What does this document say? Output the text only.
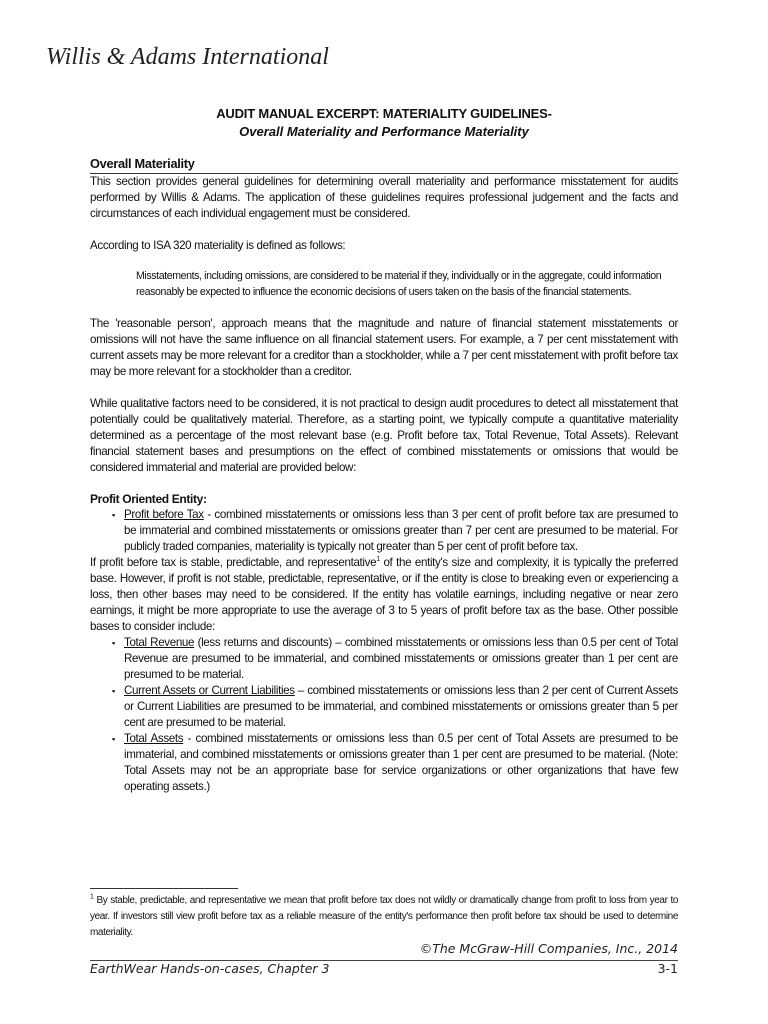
Willis & Adams International
AUDIT MANUAL EXCERPT: MATERIALITY GUIDELINES-
Overall Materiality and Performance Materiality
Overall Materiality

This section provides general guidelines for determining overall materiality and performance misstatement for audits performed by Willis & Adams. The application of these guidelines requires professional judgement and the facts and circumstances of each individual engagement must be considered.

According to ISA 320 materiality is defined as follows:

Misstatements, including omissions, are considered to be material if they, individually or in the aggregate, could information reasonably be expected to influence the economic decisions of users taken on the basis of the financial statements.

The 'reasonable person', approach means that the magnitude and nature of financial statement misstatements or omissions will not have the same influence on all financial statement users. For example, a 7 per cent misstatement with current assets may be more relevant for a creditor than a stockholder, while a 7 per cent misstatement with profit before tax may be more relevant for a stockholder than a creditor.

While qualitative factors need to be considered, it is not practical to design audit procedures to detect all misstatement that potentially could be qualitatively material. Therefore, as a starting point, we typically compute a quantitative materiality determined as a percentage of the most relevant base (e.g. Profit before tax, Total Revenue, Total Assets). Relevant financial statement bases and presumptions on the effect of combined misstatements or omissions that would be considered immaterial and material are provided below:

Profit Oriented Entity:
▪ Profit before Tax - combined misstatements or omissions less than 3 per cent of profit before tax are presumed to be immaterial and combined misstatements or omissions greater than 7 per cent are presumed to be material. For publicly traded companies, materiality is typically not greater than 5 per cent of profit before tax.

If profit before tax is stable, predictable, and representative$^1$ of the entity's size and complexity, it is typically the preferred base. However, if profit is not stable, predictable, representative, or if the entity is close to breaking even or experiencing a loss, then other bases may need to be considered. If the entity has volatile earnings, including negative or near zero earnings, it might be more appropriate to use the average of 3 to 5 years of profit before tax as the base. Other possible bases to consider include:

▪ Total Revenue (less returns and discounts) – combined misstatements or omissions less than 0.5 per cent of Total Revenue are presumed to be immaterial, and combined misstatements or omissions greater than 1 per cent are presumed to be material.
▪ Current Assets or Current Liabilities – combined misstatements or omissions less than 2 per cent of Current Assets or Current Liabilities are presumed to be immaterial, and combined misstatements or omissions greater than 5 per cent are presumed to be material.
▪ Total Assets - combined misstatements or omissions less than 0.5 per cent of Total Assets are presumed to be immaterial, and combined misstatements or omissions greater than 1 per cent are presumed to be material. (Note: Total Assets may not be an appropriate base for service organizations or other organizations that have few operating assets.)
$^1$ By stable, predictable, and representative we mean that profit before tax does not wildly or dramatically change from profit to loss from year to year. If investors still view profit before tax as a reliable measure of the entity's performance then profit before tax should be used to determine materiality.
©The McGraw-Hill Companies, Inc., 2014
EarthWear Hands-on-cases, Chapter 3	3-1
